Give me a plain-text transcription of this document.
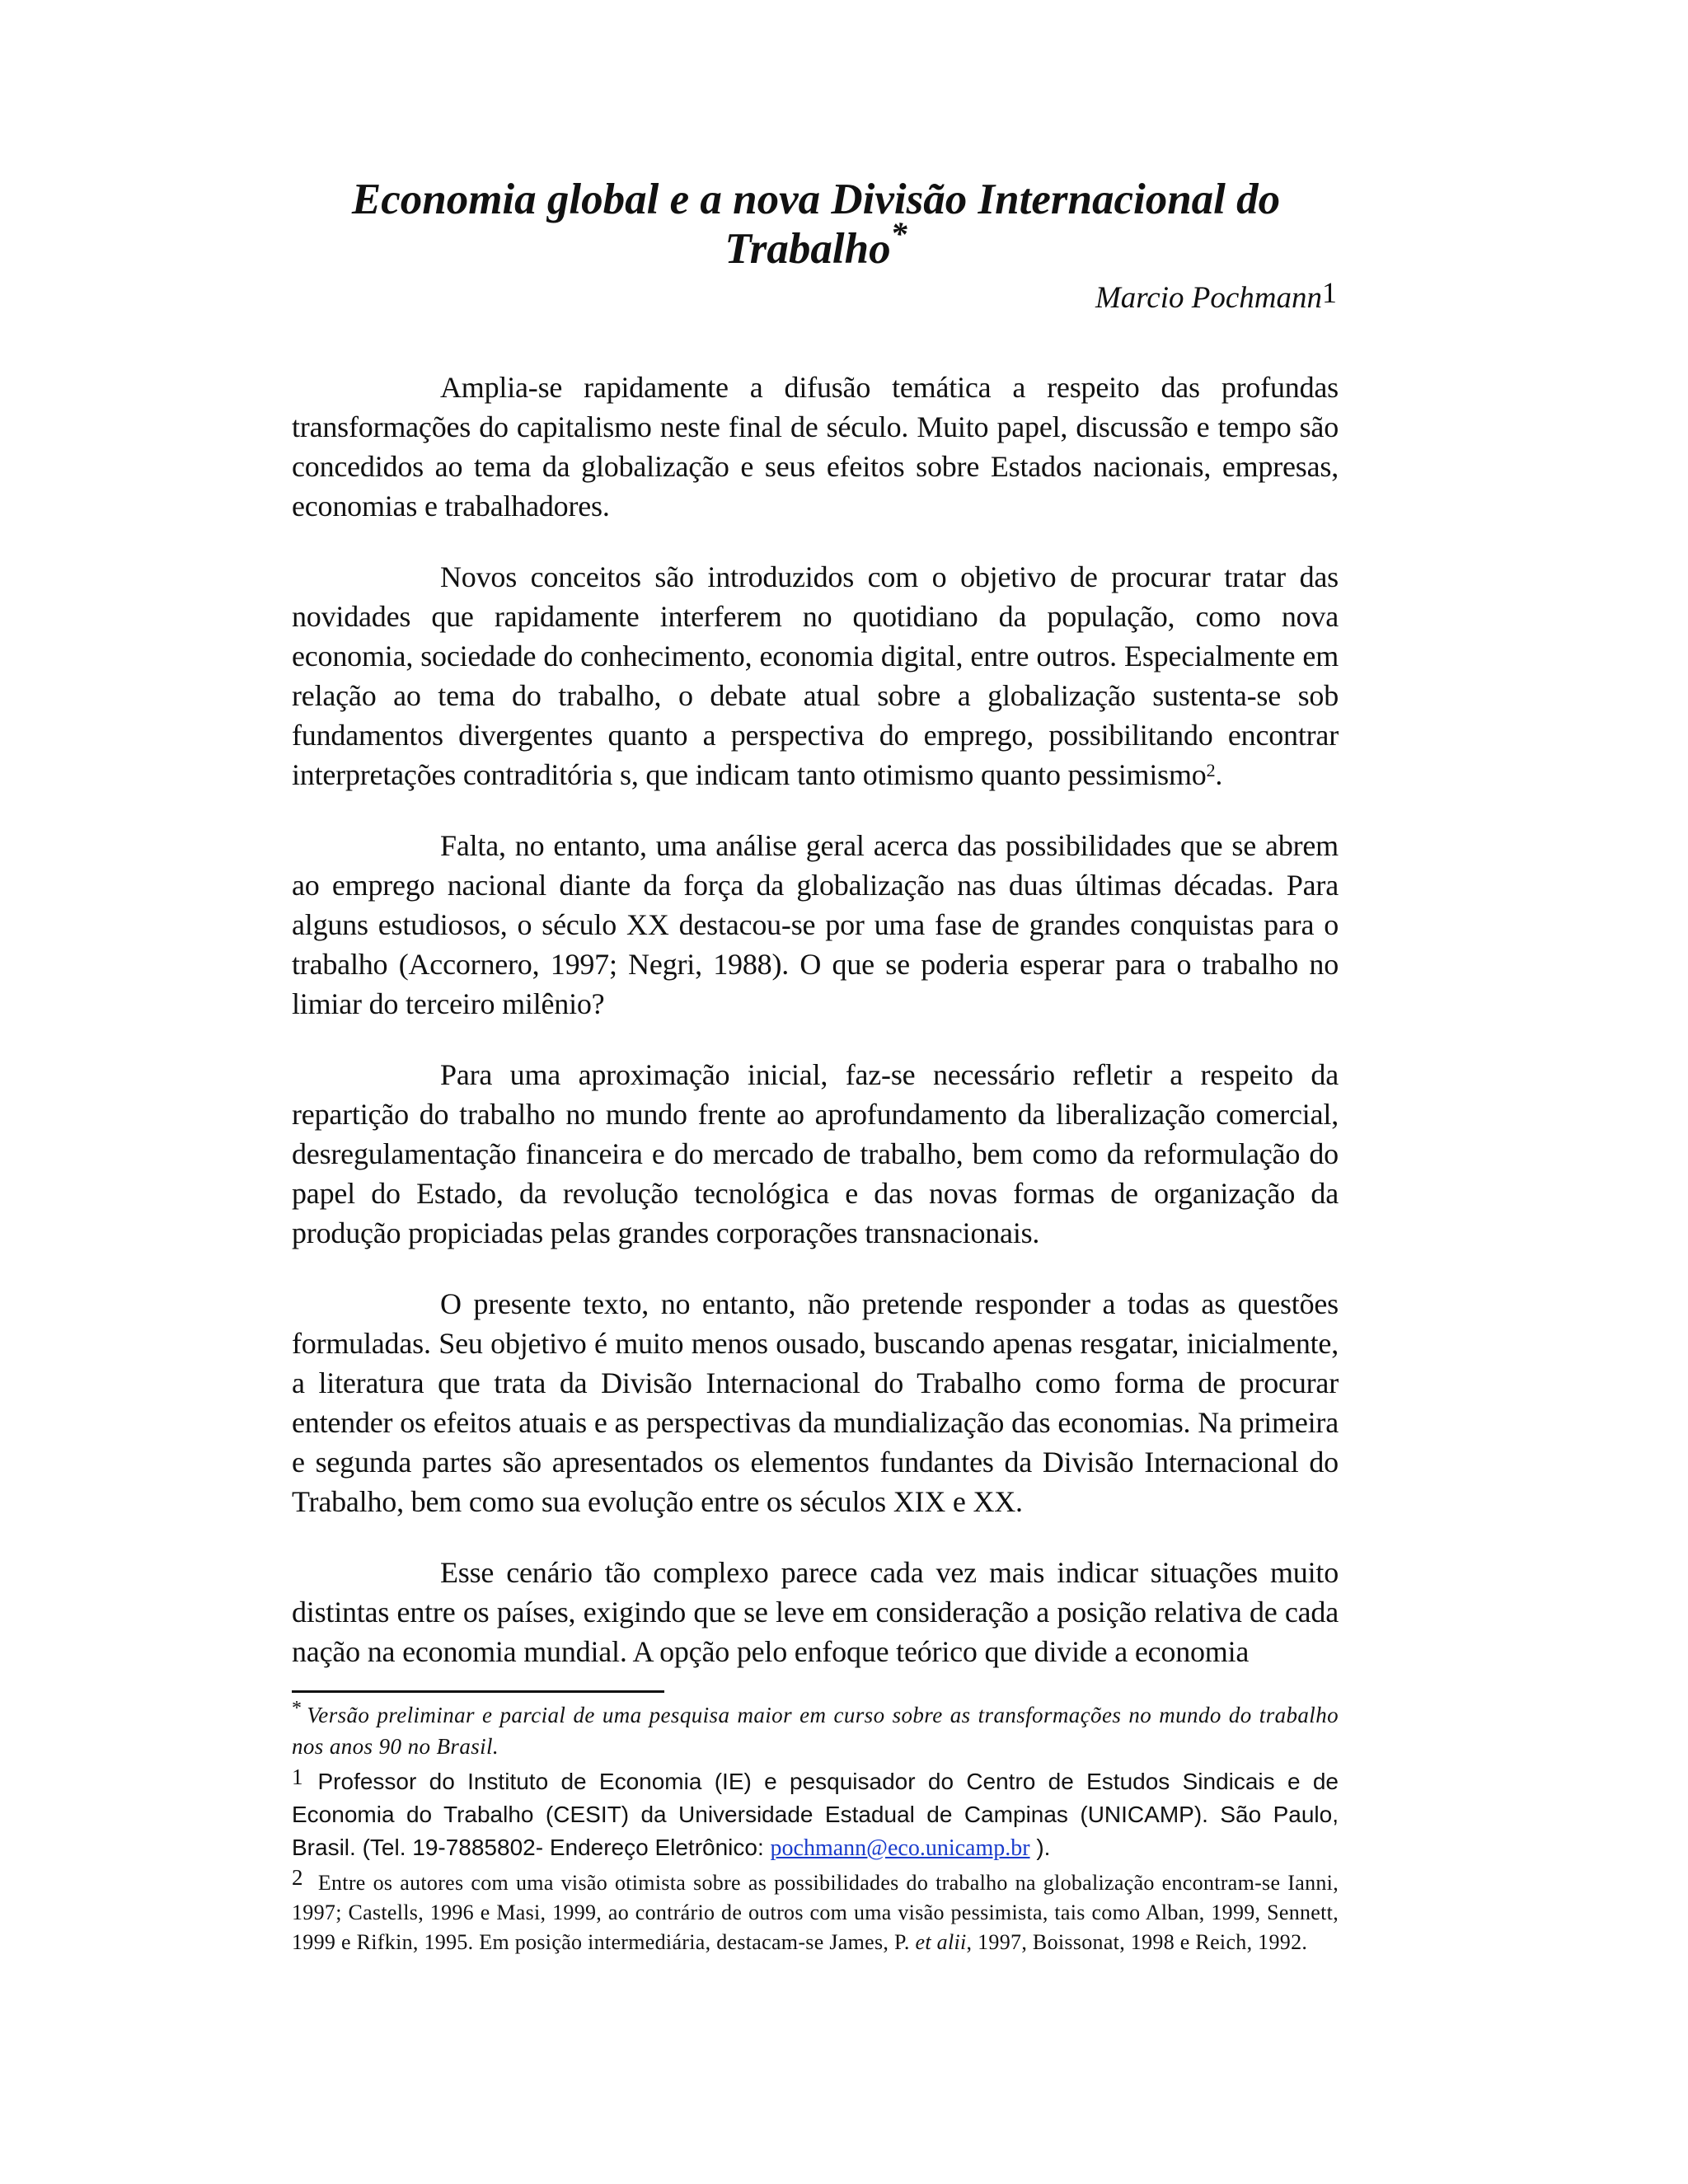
Economia global e a nova Divisão Internacional do
Trabalho*
Marcio Pochmann$^1$

Amplia-se rapidamente a difusão temática a respeito das profundas transformações do capitalismo neste final de século. Muito papel, discussão e tempo são concedidos ao tema da globalização e seus efeitos sobre Estados nacionais, empresas, economias e trabalhadores.

Novos conceitos são introduzidos com o objetivo de procurar tratar das novidades que rapidamente interferem no quotidiano da população, como nova economia, sociedade do conhecimento, economia digital, entre outros. Especialmente em relação ao tema do trabalho, o debate atual sobre a globalização sustenta-se sob fundamentos divergentes quanto a perspectiva do emprego, possibilitando encontrar interpretações contraditória s, que indicam tanto otimismo quanto pessimismo$^2$.

Falta, no entanto, uma análise geral acerca das possibilidades que se abrem ao emprego nacional diante da força da globalização nas duas últimas décadas. Para alguns estudiosos, o século XX destacou-se por uma fase de grandes conquistas para o trabalho (Accornero, 1997; Negri, 1988). O que se poderia esperar para o trabalho no limiar do terceiro milênio?

Para uma aproximação inicial, faz-se necessário refletir a respeito da repartição do trabalho no mundo frente ao aprofundamento da liberalização comercial, desregulamentação financeira e do mercado de trabalho, bem como da reformulação do papel do Estado, da revolução tecnológica e das novas formas de organização da produção propiciadas pelas grandes corporações transnacionais.

O presente texto, no entanto, não pretende responder a todas as questões formuladas. Seu objetivo é muito menos ousado, buscando apenas resgatar, inicialmente, a literatura que trata da Divisão Internacional do Trabalho como forma de procurar entender os efeitos atuais e as perspectivas da mundialização das economias. Na primeira e segunda partes são apresentados os elementos fundantes da Divisão Internacional do Trabalho, bem como sua evolução entre os séculos XIX e XX.

Esse cenário tão complexo parece cada vez mais indicar situações muito distintas entre os países, exigindo que se leve em consideração a posição relativa de cada nação na economia mundial. A opção pelo enfoque teórico que divide a economia

* Versão preliminar e parcial de uma pesquisa maior em curso sobre as transformações no mundo do trabalho nos anos 90 no Brasil.
1 Professor do Instituto de Economia (IE) e pesquisador do Centro de Estudos Sindicais e de Economia do Trabalho (CESIT) da Universidade Estadual de Campinas (UNICAMP). São Paulo, Brasil. (Tel. 19-7885802- Endereço Eletrônico: pochmann@eco.unicamp.br ).
2 Entre os autores com uma visão otimista sobre as possibilidades do trabalho na globalização encontram-se Ianni, 1997; Castells, 1996 e Masi, 1999, ao contrário de outros com uma visão pessimista, tais como Alban, 1999, Sennett, 1999 e Rifkin, 1995. Em posição intermediária, destacam-se James, P. et alii, 1997, Boissonat, 1998 e Reich, 1992.
